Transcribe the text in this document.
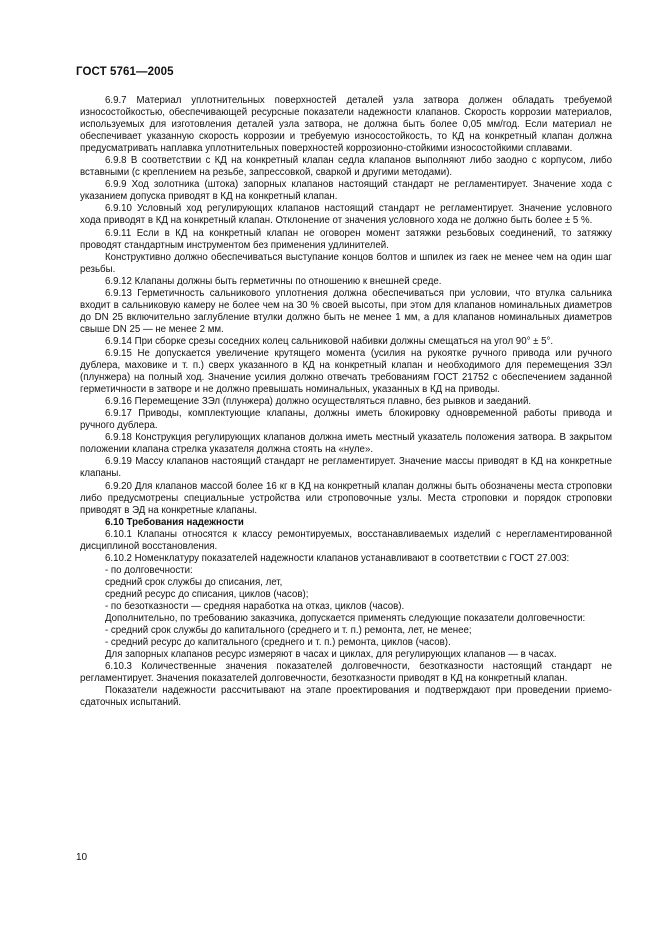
ГОСТ 5761—2005

6.9.7 Материал уплотнительных поверхностей деталей узла затвора должен обладать требуемой износостойкостью, обеспечивающей ресурсные показатели надежности клапанов. Скорость коррозии материалов, используемых для изготовления деталей узла затвора, не должна быть более 0,05 мм/год. Если материал не обеспечивает указанную скорость коррозии и требуемую износостойкость, то КД на конкретный клапан должна предусматривать наплавка уплотнительных поверхностей коррозионно-стойкими износостойкими сплавами.

6.9.8 В соответствии с КД на конкретный клапан седла клапанов выполняют либо заодно с корпусом, либо вставными (с креплением на резьбе, запрессовкой, сваркой и другими методами).

6.9.9 Ход золотника (штока) запорных клапанов настоящий стандарт не регламентирует. Значение хода с указанием допуска приводят в КД на конкретный клапан.

6.9.10 Условный ход регулирующих клапанов настоящий стандарт не регламентирует. Значение условного хода приводят в КД на конкретный клапан. Отклонение от значения условного хода не должно быть более ± 5 %.

6.9.11 Если в КД на конкретный клапан не оговорен момент затяжки резьбовых соединений, то затяжку проводят стандартным инструментом без применения удлинителей.

Конструктивно должно обеспечиваться выступание концов болтов и шпилек из гаек не менее чем на один шаг резьбы.

6.9.12 Клапаны должны быть герметичны по отношению к внешней среде.

6.9.13 Герметичность сальникового уплотнения должна обеспечиваться при условии, что втулка сальника входит в сальниковую камеру не более чем на 30 % своей высоты, при этом для клапанов номинальных диаметров до DN 25 включительно заглубление втулки должно быть не менее 1 мм, а для клапанов номинальных диаметров свыше DN 25 — не менее 2 мм.

6.9.14 При сборке срезы соседних колец сальниковой набивки должны смещаться на угол 90° ± 5°.

6.9.15 Не допускается увеличение крутящего момента (усилия на рукоятке ручного привода или ручного дублера, маховике и т. п.) сверх указанного в КД на конкретный клапан и необходимого для перемещения ЗЭл (плунжера) на полный ход. Значение усилия должно отвечать требованиям ГОСТ 21752 с обеспечением заданной герметичности в затворе и не должно превышать номинальных, указанных в КД на приводы.

6.9.16 Перемещение ЗЭл (плунжера) должно осуществляться плавно, без рывков и заеданий.

6.9.17 Приводы, комплектующие клапаны, должны иметь блокировку одновременной работы привода и ручного дублера.

6.9.18 Конструкция регулирующих клапанов должна иметь местный указатель положения затвора. В закрытом положении клапана стрелка указателя должна стоять на «нуле».

6.9.19 Массу клапанов настоящий стандарт не регламентирует. Значение массы приводят в КД на конкретные клапаны.

6.9.20 Для клапанов массой более 16 кг в КД на конкретный клапан должны быть обозначены места строповки либо предусмотрены специальные устройства или строповочные узлы. Места строповки и порядок строповки приводят в ЭД на конкретные клапаны.

6.10 Требования надежности

6.10.1 Клапаны относятся к классу ремонтируемых, восстанавливаемых изделий с нерегламентированной дисциплиной восстановления.

6.10.2 Номенклатуру показателей надежности клапанов устанавливают в соответствии с ГОСТ 27.003:

- по долговечности:

средний срок службы до списания, лет,

средний ресурс до списания, циклов (часов);

- по безотказности — средняя наработка на отказ, циклов (часов).

Дополнительно, по требованию заказчика, допускается применять следующие показатели долговечности:

- средний срок службы до капитального (среднего и т. п.) ремонта, лет, не менее;

- средний ресурс до капитального (среднего и т. п.) ремонта, циклов (часов).

Для запорных клапанов ресурс измеряют в часах и циклах, для регулирующих клапанов — в часах.

6.10.3 Количественные значения показателей долговечности, безотказности настоящий стандарт не регламентирует. Значения показателей долговечности, безотказности приводят в КД на конкретный клапан.

Показатели надежности рассчитывают на этапе проектирования и подтверждают при проведении приемо-сдаточных испытаний.

10
